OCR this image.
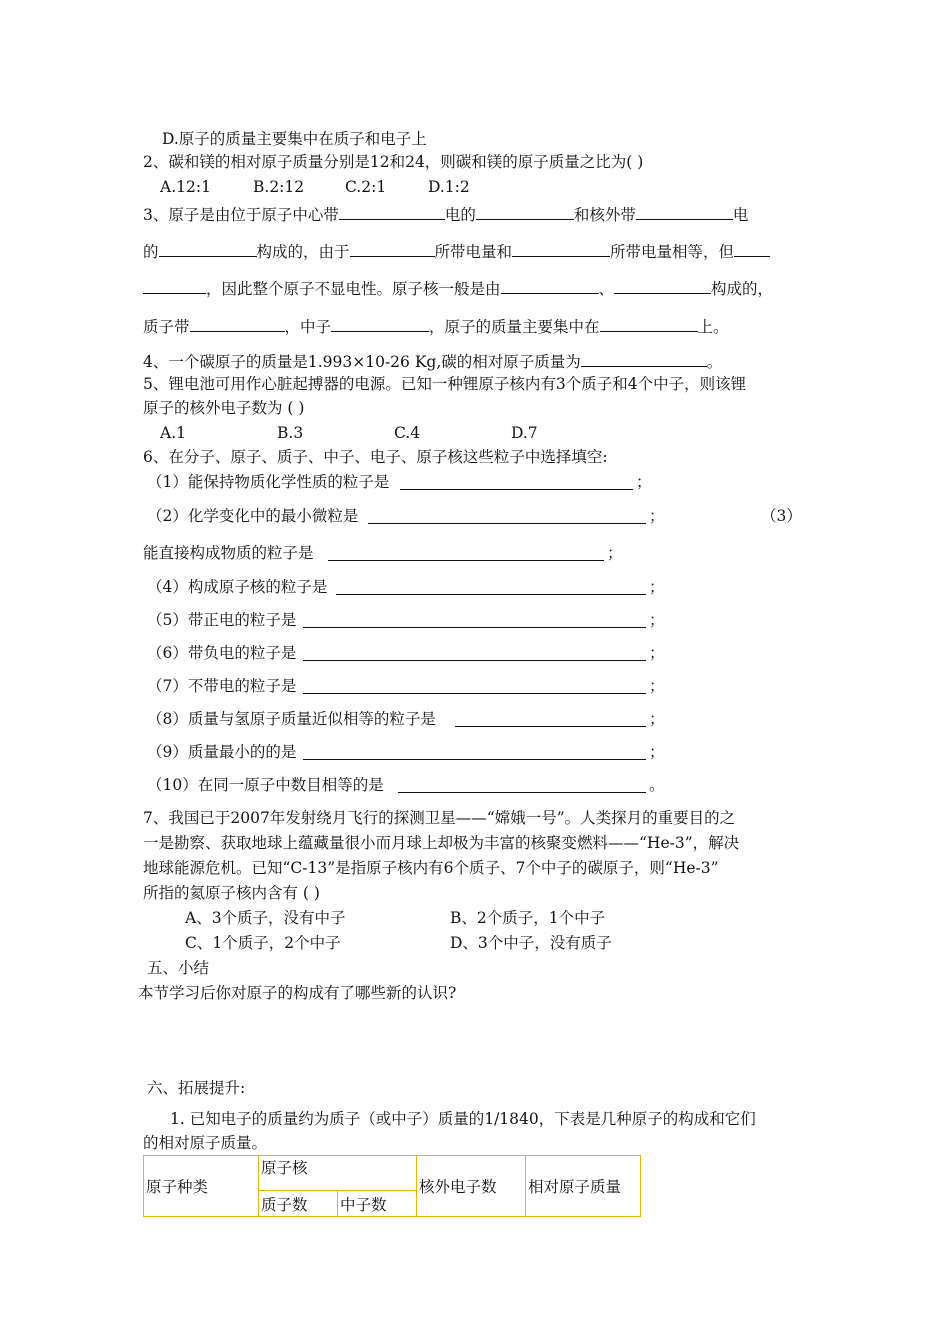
D.原子的质量主要集中在质子和电子上
2、碳和镁的相对原子质量分别是12和24，则碳和镁的原子质量之比为( )
A.12:1	B.2:12	C.2:1	D.1:2
3、原子是由位于原子中心带	电的	和核外带	电
的	构成的，由于	所带电量和	所带电量相等，但
，因此整个原子不显电性。原子核一般是由	、	构成的，
质子带	，中子	，原子的质量主要集中在	上。
4、一个碳原子的质量是1.993×10-26 Kg,碳的相对原子质量为	。
5、锂电池可用作心脏起搏器的电源。已知一种锂原子核内有3个质子和4个中子，则该锂
原子的核外电子数为 ( )
A.1	B.3	C.4	D.7
6、在分子、原子、质子、中子、电子、原子核这些粒子中选择填空:
（1）能保持物质化学性质的粒子是	；
（2）化学变化中的最小微粒是	；	（3）
能直接构成物质的粒子是	；
（4）构成原子核的粒子是	；
（5）带正电的粒子是	；
（6）带负电的粒子是	；
（7）不带电的粒子是	；
（8）质量与氢原子质量近似相等的粒子是	；
（9）质量最小的的是	；
（10）在同一原子中数目相等的是	。
7、我国已于2007年发射绕月飞行的探测卫星——“嫦娥一号”。人类探月的重要目的之
一是勘察、获取地球上蕴藏量很小而月球上却极为丰富的核聚变燃料——“He-3”，解决
地球能源危机。已知“C-13”是指原子核内有6个质子、7个中子的碳原子，则“He-3”
所指的氦原子核内含有 ( )
A、3个质子，没有中子	B、2个质子，1个中子
C、1个质子，2个中子	D、3个中子，没有质子
五、小结
本节学习后你对原子的构成有了哪些新的认识?
六、拓展提升:
1. 已知电子的质量约为质子（或中子）质量的1/1840，下表是几种原子的构成和它们
的相对原子质量。
原子种类	原子核		核外电子数	相对原子质量
	质子数	中子数		
